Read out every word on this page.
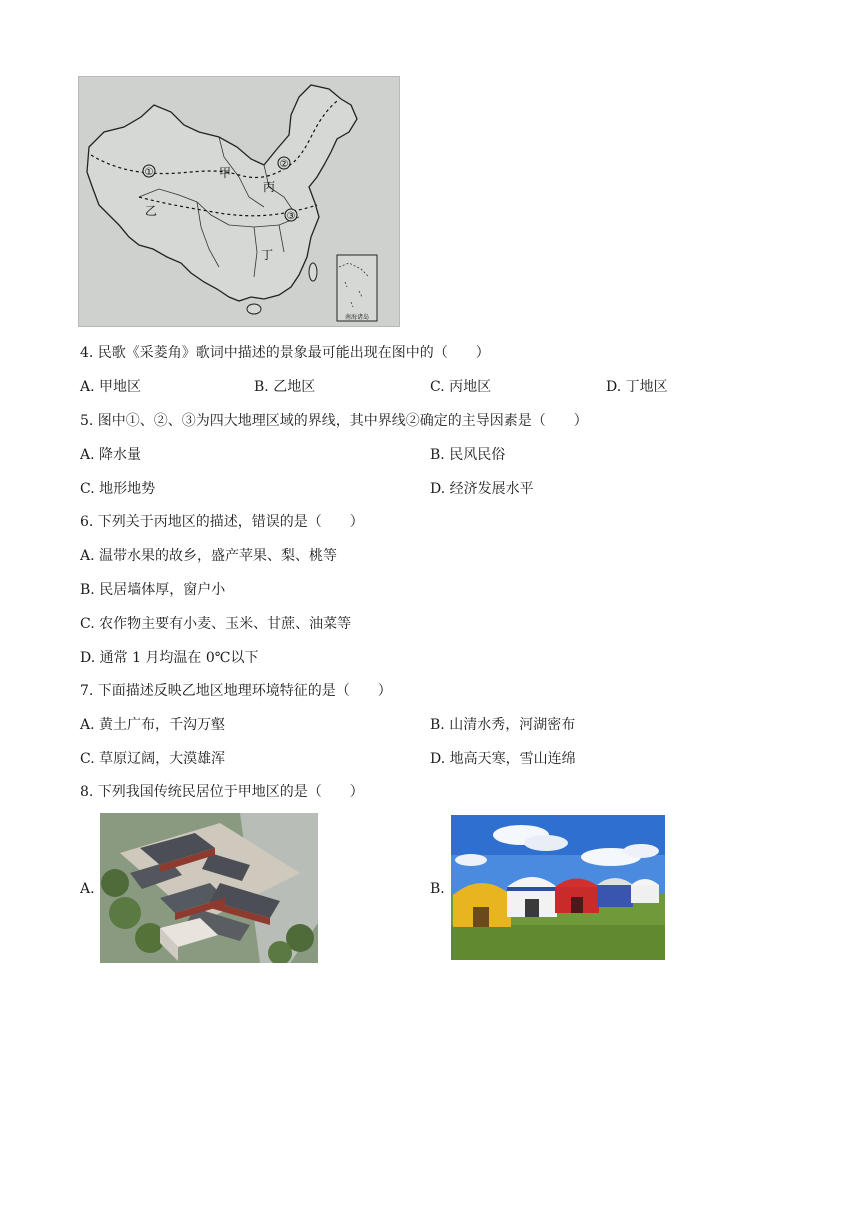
①
②
③
甲
丙
乙
丁
南海诸岛
4. 民歌《采菱角》歌词中描述的景象最可能出现在图中的（　　）
A. 甲地区	B. 乙地区	C. 丙地区	D. 丁地区
5. 图中①、②、③为四大地理区域的界线，其中界线②确定的主导因素是（　　）
A. 降水量	B. 民风民俗
C. 地形地势	D. 经济发展水平
6. 下列关于丙地区的描述，错误的是（　　）
A. 温带水果的故乡，盛产苹果、梨、桃等
B. 民居墙体厚，窗户小
C. 农作物主要有小麦、玉米、甘蔗、油菜等
D. 通常 1 月均温在 0℃以下
7. 下面描述反映乙地区地理环境特征的是（　　）
A. 黄土广布，千沟万壑	B. 山清水秀，河湖密布
C. 草原辽阔，大漠雄浑	D. 地高天寒，雪山连绵
8. 下列我国传统民居位于甲地区的是（　　）
A.	B.
